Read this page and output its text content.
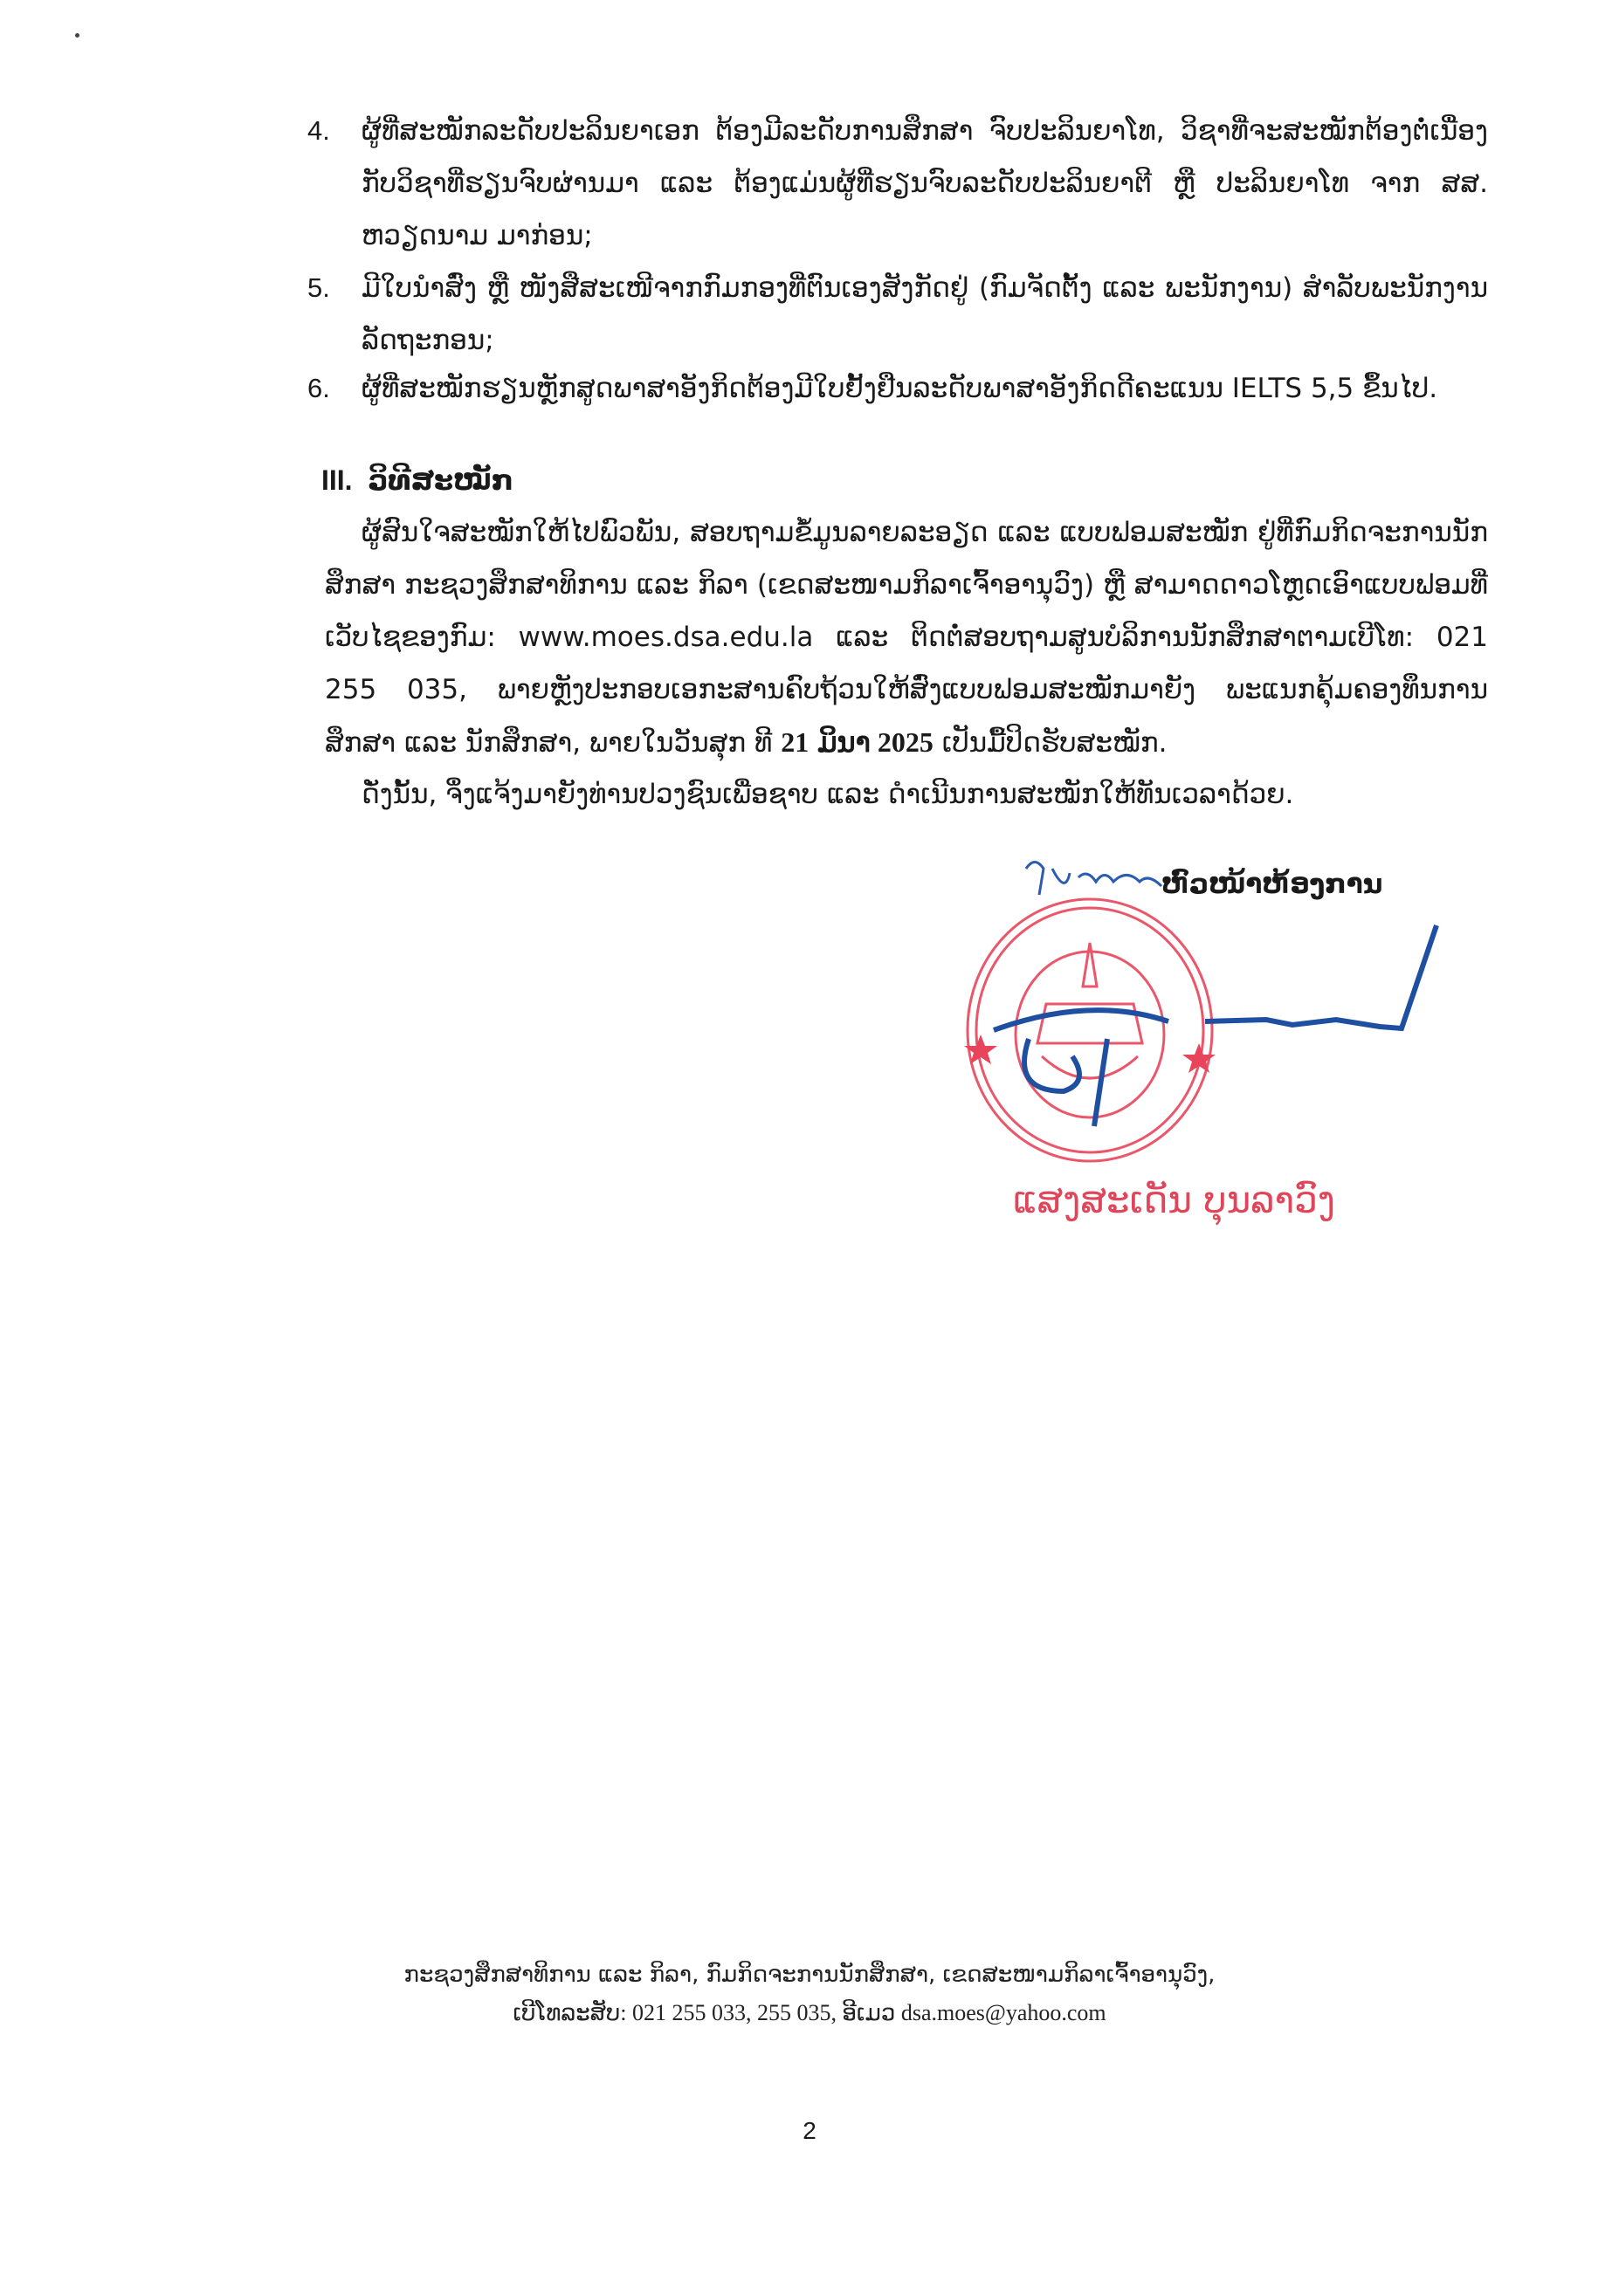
4. ຜູ້ທີ່ສະໝັກລະດັບປະລິນຍາເອກ ຕ້ອງມີລະດັບການສຶກສາ ຈົບປະລິນຍາໂທ, ວິຊາທີ່ຈະສະໝັກຕ້ອງຕໍ່ເນື່ອງກັບວິຊາທີ່ຮຽນຈົບຜ່ານມາ ແລະ ຕ້ອງແມ່ນຜູ້ທີ່ຮຽນຈົບລະດັບປະລິນຍາຕີ ຫຼື ປະລິນຍາໂທ ຈາກ ສສ. ຫວຽດນາມ ມາກ່ອນ;
5. ມີໃບນຳສົ່ງ ຫຼື ໜັງສືສະເໜີຈາກກົມກອງທີ່ຕົນເອງສັງກັດຢູ່ (ກົມຈັດຕັ້ງ ແລະ ພະນັກງານ) ສຳລັບພະນັກງານລັດຖະກອນ;
6. ຜູ້ທີ່ສະໝັກຮຽນຫຼັກສູດພາສາອັງກິດຕ້ອງມີໃບຢັ້ງຢືນລະດັບພາສາອັງກິດດີຄະແນນ IELTS 5,5 ຂຶ້ນໄປ.
III. ວິທີສະໝັກ
ຜູ້ສົນໃຈສະໝັກໃຫ້ໄປພົວພັນ, ສອບຖາມຂໍ້ມູນລາຍລະອຽດ ແລະ ແບບຟອມສະໝັກ ຢູ່ທີ່ກົມກິດຈະການນັກສຶກສາ ກະຊວງສຶກສາທິການ ແລະ ກິລາ (ເຂດສະໜາມກິລາເຈົ້າອານຸວົງ) ຫຼື ສາມາດດາວໂຫຼດເອົາແບບຟອມທີ່ເວັບໄຊຂອງກົມ: www.moes.dsa.edu.la ແລະ ຕິດຕໍ່ສອບຖາມສູນບໍລິການນັກສຶກສາຕາມເບີໂທ: 021 255 035, ພາຍຫຼັງປະກອບເອກະສານຄົບຖ້ວນໃຫ້ສົ່ງແບບຟອມສະໝັກມາຍັງ ພະແນກຄຸ້ມຄອງທຶນການສຶກສາ ແລະ ນັກສຶກສາ, ພາຍໃນວັນສຸກ ທີ 21 ມິນາ 2025 ເປັນມື້ປິດຮັບສະໝັກ.
ດັ່ງນັ້ນ, ຈຶ່ງແຈ້ງມາຍັງທ່ານປວງຊົນເພື່ອຊາບ ແລະ ດຳເນີນການສະໝັກໃຫ້ທັນເວລາດ້ວຍ.
ຫົວໜ້າຫ້ອງການ
ແສງສະເດັນ ບຸນລາວົງ
ກະຊວງສຶກສາທິການ ແລະ ກິລາ, ກົມກິດຈະການນັກສຶກສາ, ເຂດສະໜາມກິລາເຈົ້າອານຸວົງ,
ເບີໂທລະສັບ: 021 255 033, 255 035, ອີເມວ dsa.moes@yahoo.com
2
